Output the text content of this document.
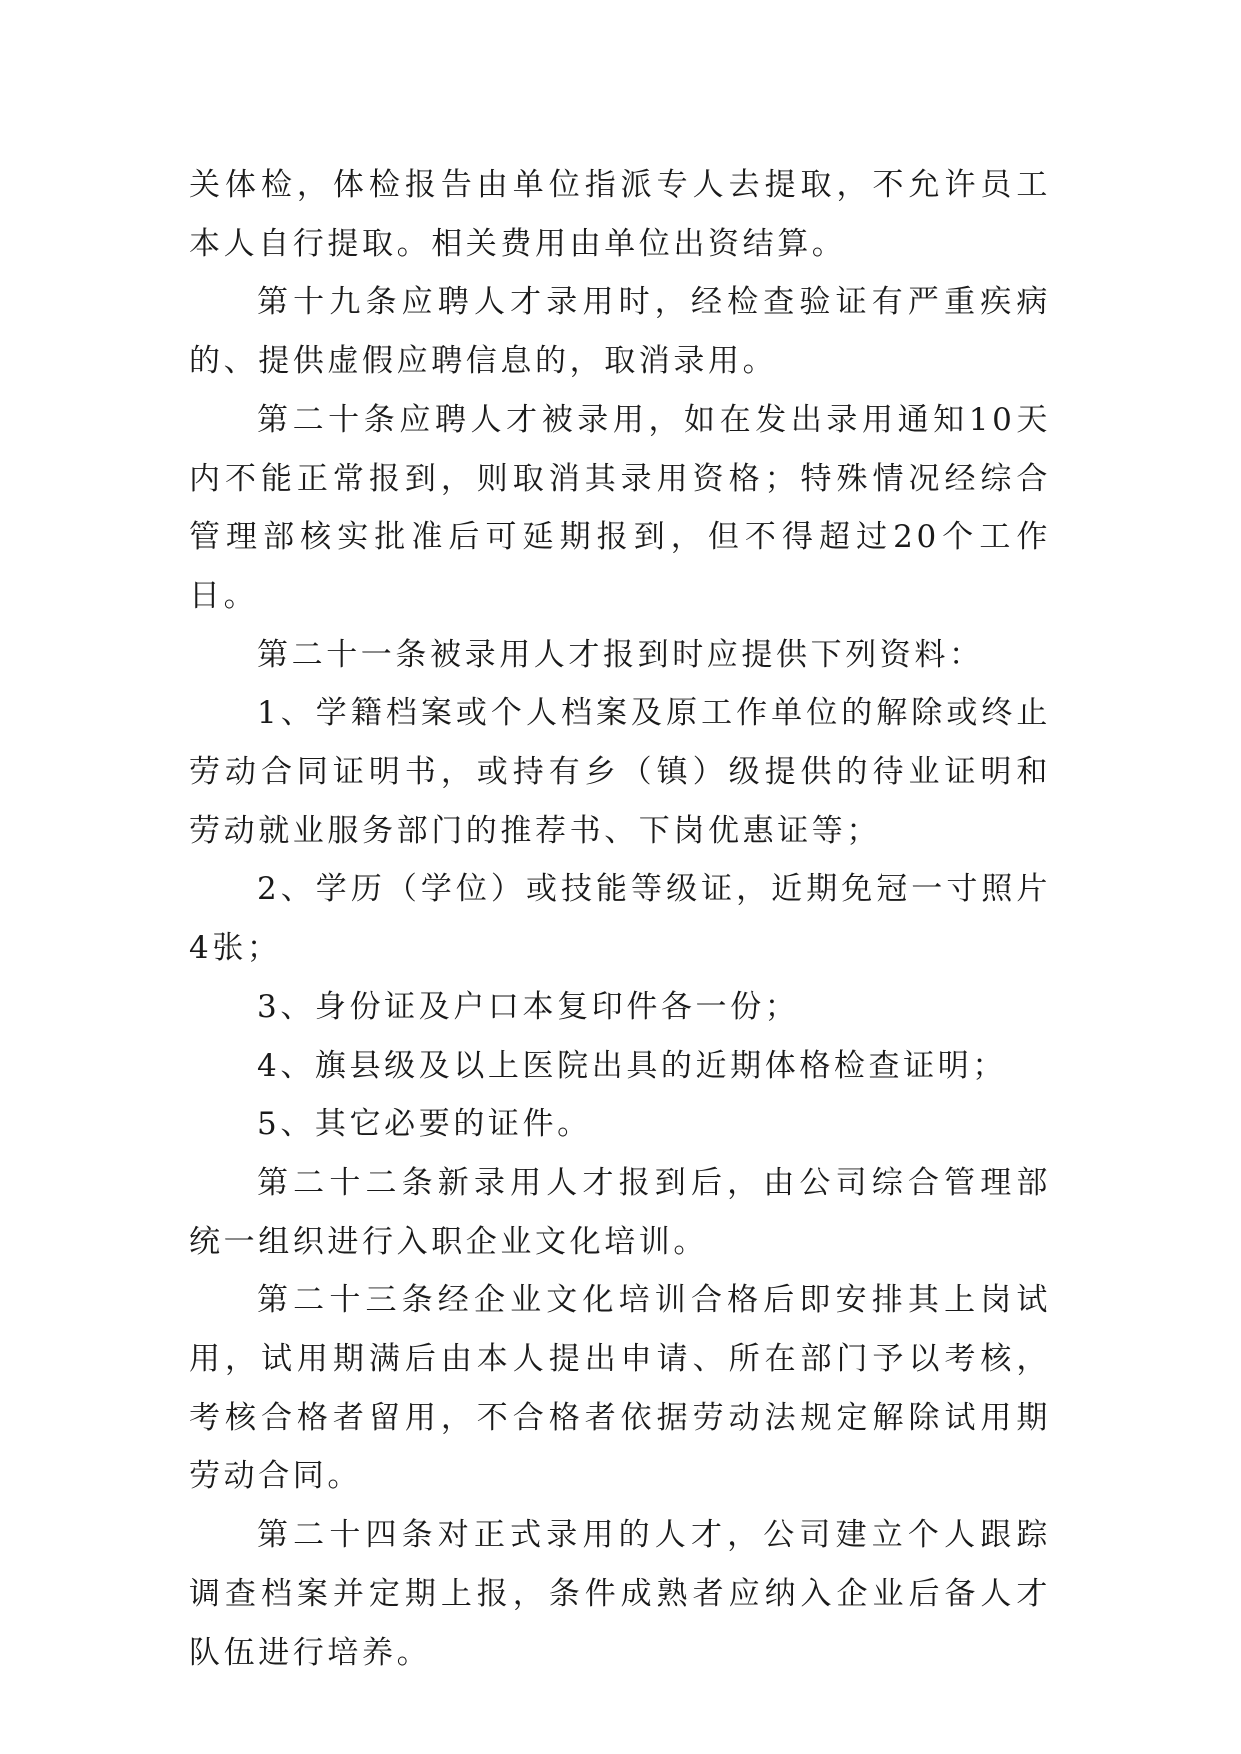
关体检，体检报告由单位指派专人去提取，不允许员工本人自行提取。相关费用由单位出资结算。

第十九条应聘人才录用时，经检查验证有严重疾病的、提供虚假应聘信息的，取消录用。

第二十条应聘人才被录用，如在发出录用通知10天内不能正常报到，则取消其录用资格；特殊情况经综合管理部核实批准后可延期报到，但不得超过20个工作日。

第二十一条被录用人才报到时应提供下列资料：

1、学籍档案或个人档案及原工作单位的解除或终止劳动合同证明书，或持有乡（镇）级提供的待业证明和劳动就业服务部门的推荐书、下岗优惠证等；

2、学历（学位）或技能等级证，近期免冠一寸照片4张；

3、身份证及户口本复印件各一份；

4、旗县级及以上医院出具的近期体格检查证明；

5、其它必要的证件。

第二十二条新录用人才报到后，由公司综合管理部统一组织进行入职企业文化培训。

第二十三条经企业文化培训合格后即安排其上岗试用，试用期满后由本人提出申请、所在部门予以考核，考核合格者留用，不合格者依据劳动法规定解除试用期劳动合同。

第二十四条对正式录用的人才，公司建立个人跟踪调查档案并定期上报，条件成熟者应纳入企业后备人才队伍进行培养。
